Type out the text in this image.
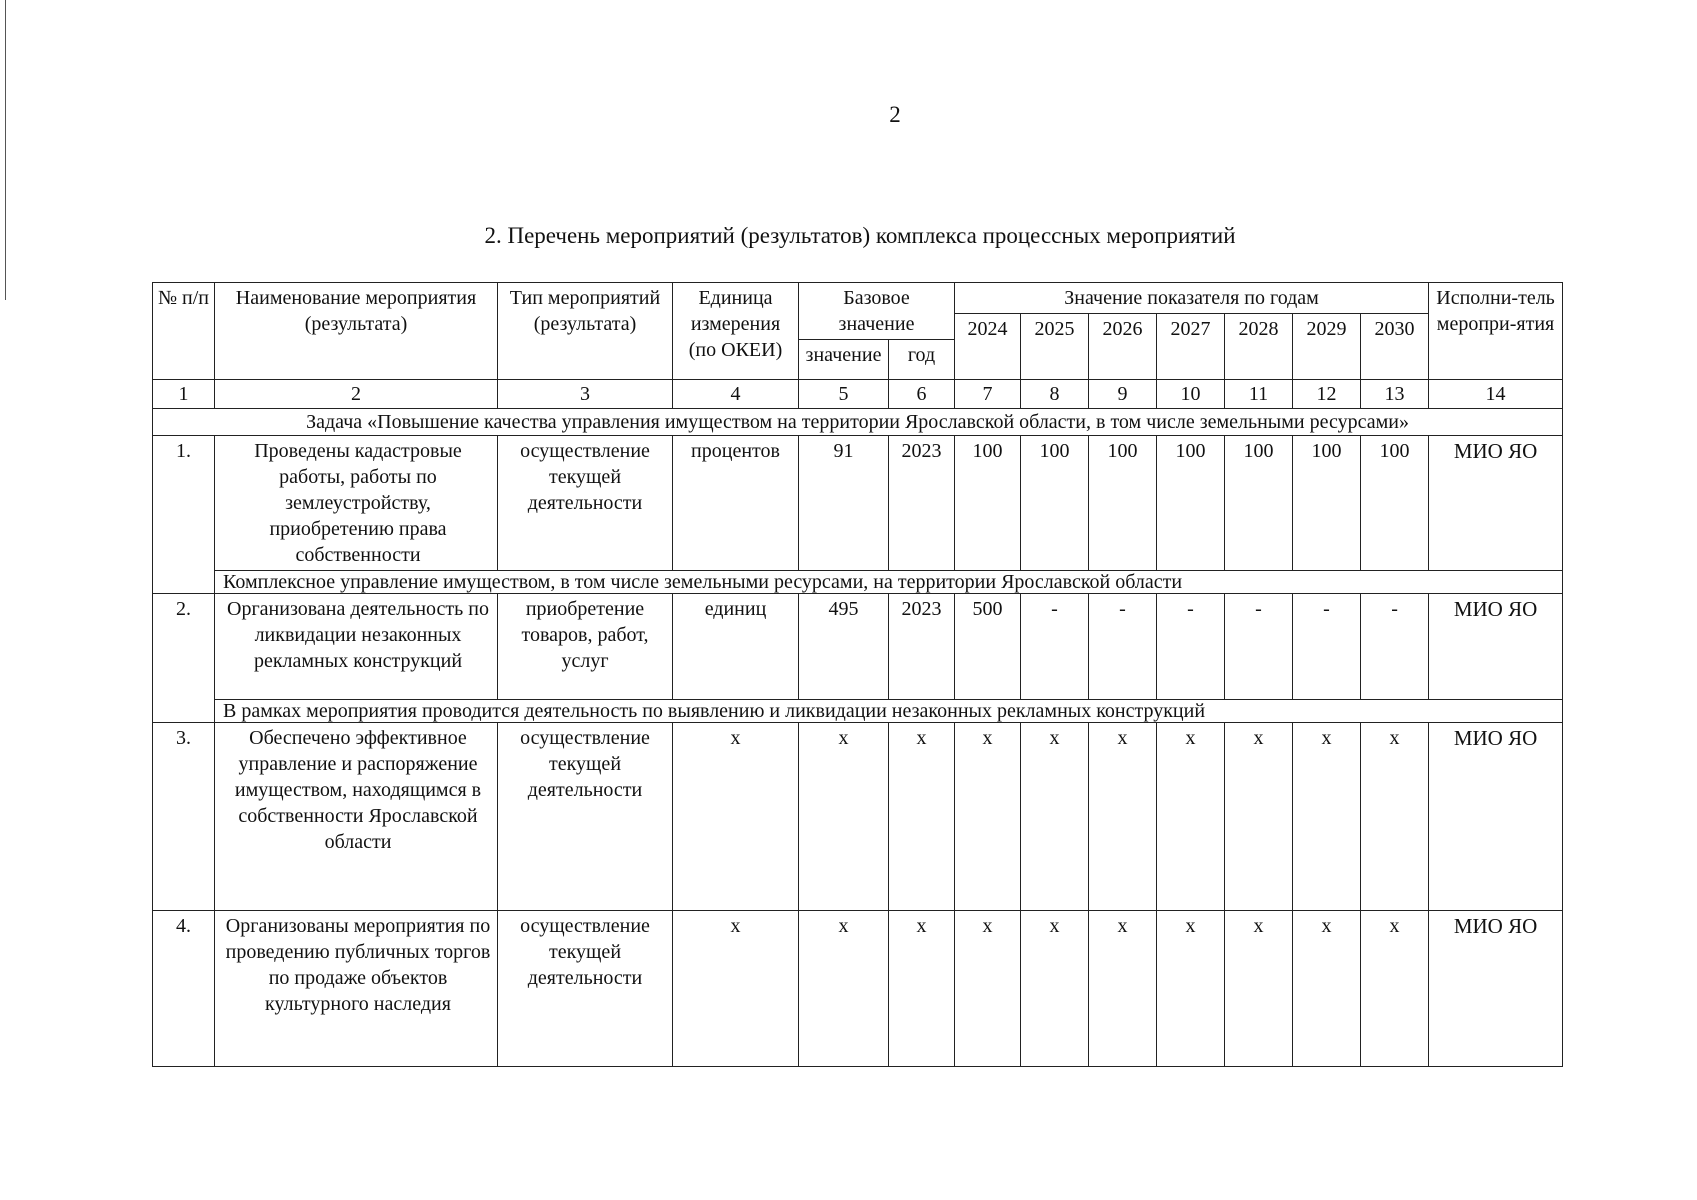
2
2. Перечень мероприятий (результатов) комплекса процессных мероприятий
№ п/п	Наименование мероприятия (результата)	Тип мероприятий (результата)	Единица измерения (по ОКЕИ)	Базовое значение		Значение показателя по годам							Исполни-тель меропри-ятия
						2024	2025	2026	2027	2028	2029	2030	
				значение	год								
1	2	3	4	5	6	7	8	9	10	11	12	13	14
Задача «Повышение качества управления имуществом на территории Ярославской области, в том числе земельными ресурсами»													
1.	Проведены кадастровые работы, работы по землеустройству, приобретению права собственности	осуществление текущей деятельности	процентов	91	2023	100	100	100	100	100	100	100	МИО ЯО
	Комплексное управление имуществом, в том числе земельными ресурсами, на территории Ярославской области												
2.	Организована деятельность по ликвидации незаконных рекламных конструкций	приобретение товаров, работ, услуг	единиц	495	2023	500	-	-	-	-	-	-	МИО ЯО
	В рамках мероприятия проводится деятельность по выявлению и ликвидации незаконных рекламных конструкций												
3.	Обеспечено эффективное управление и распоряжение имуществом, находящимся в собственности Ярославской области	осуществление текущей деятельности	х	х	х	х	х	х	х	х	х	х	МИО ЯО
4.	Организованы мероприятия по проведению публичных торгов по продаже объектов культурного наследия	осуществление текущей деятельности	х	х	х	х	х	х	х	х	х	х	МИО ЯО
